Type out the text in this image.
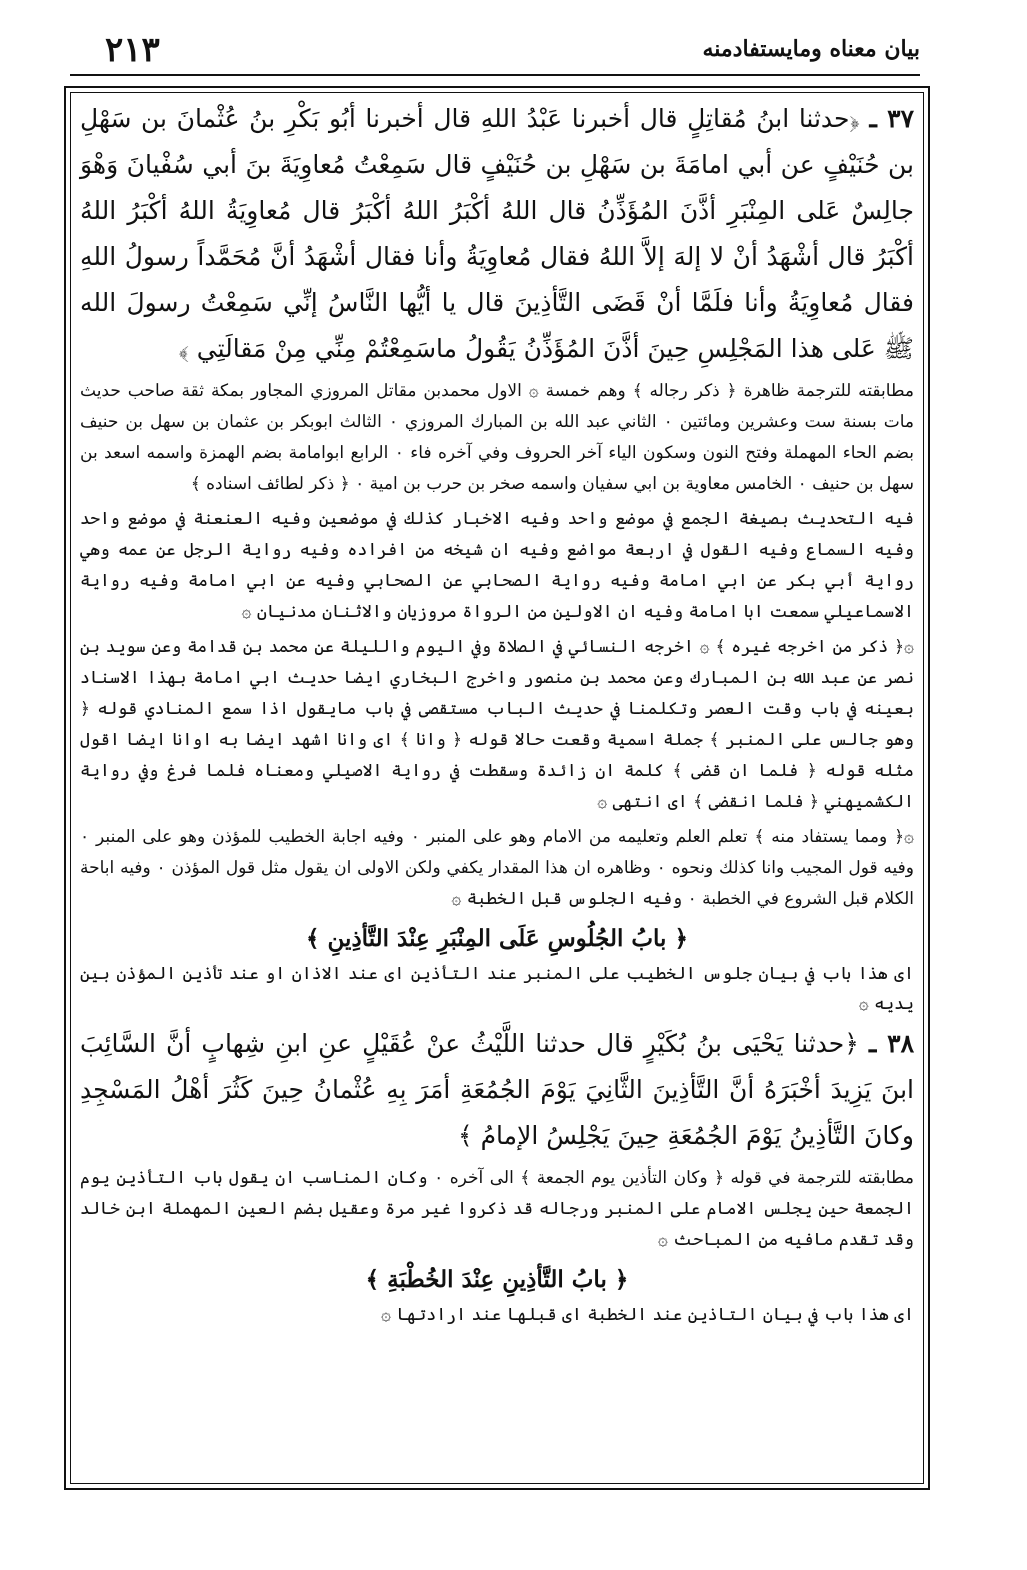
٢١٣	بيان معناه ومايستفادمنه

٣٧ ـ ﴿حدثنا ابنُ مُقاتِلٍ قال أخبرنا عَبْدُ اللهِ قال أخبرنا أبُو بَكْرِ بنُ عُثْمانَ بن سَهْلِ بن حُنَيْفٍ عن أبي امامَةَ بن سَهْلِ بن حُنَيْفٍ قال سَمِعْتُ مُعاوِيَةَ بنَ أبي سُفْيانَ وَهْوَ جالِسٌ عَلى المِنْبَرِ أذَّنَ المُؤَذِّنُ قال اللهُ أكْبَرُ اللهُ أكْبَرُ قال مُعاوِيَةُ اللهُ أكْبَرُ اللهُ أكْبَرُ قال أشْهَدُ أنْ لا إلهَ إلاَّ اللهُ فقال مُعاوِيَةُ وأنا فقال أشْهَدُ أنَّ مُحَمَّداً رسولُ اللهِ فقال مُعاوِيَةُ وأنا فلَمَّا أنْ قَضَى التَّأذِينَ قال يا أيُّها النَّاسُ إنِّي سَمِعْتُ رسولَ الله ﷺ عَلى هذا المَجْلِسِ حِينَ أذَّنَ المُؤَذِّنُ يَقُولُ ماسَمِعْتُمْ مِنِّي مِنْ مَقالَتِي ﴾

مطابقته للترجمة ظاهرة ﴿ ذكر رجاله ﴾ وهم خمسة ۞ الاول محمدبن مقاتل المروزي المجاور بمكة ثقة صاحب حديث مات بسنة ست وعشرين ومائتين ۰ الثاني عبد الله بن المبارك المروزي ۰ الثالث ابوبكر بن عثمان بن سهل بن حنيف بضم الحاء المهملة وفتح النون وسكون الياء آخر الحروف وفي آخره فاء ۰ الرابع ابوامامة بضم الهمزة واسمه اسعد بن سهل بن حنيف ۰ الخامس معاوية بن ابي سفيان واسمه صخر بن حرب بن امية ۰ ﴿ ذكر لطائف اسناده ﴾

فيه التحديث بصيغة الجمع في موضع واحد وفيه الاخبار كذلك في موضعين وفيه العنعنة في موضع واحد وفيه السماع وفيه القول في اربعة مواضع وفيه ان شيخه من افراده وفيه رواية الرجل عن عمه وهي رواية أبي بكر عن ابي امامة وفيه رواية الصحابي عن الصحابي وفيه عن ابي امامة وفيه رواية الاسماعيلي سمعت ابا امامة وفيه ان الاولين من الرواة مروزيان والاثنان مدنيان ۞

۞﴿ ذكر من اخرجه غيره ﴾ ۞ اخرجه النسائي في الصلاة وفي اليوم والليلة عن محمد بن قدامة وعن سويد بن نصر عن عبد الله بن المبارك وعن محمد بن منصور واخرج البخاري ايضا حديث ابي امامة بهذا الاسناد بعينه في باب وقت العصر وتكلمنا في حديث الباب مستقصى في باب مايقول اذا سمع المنادي قوله ﴿ وهو جالس على المنبر ﴾ جملة اسمية وقعت حالا قوله ﴿ وانا ﴾ اى وانا اشهد ايضا به اوانا ايضا اقول مثله قوله ﴿ فلما ان قضى ﴾ كلمة ان زائدة وسقطت في رواية الاصيلي ومعناه فلما فرغ وفي رواية الكشميهني ﴿ فلما انقضى ﴾ اى انتهى ۞

۞﴿ ومما يستفاد منه ﴾ تعلم العلم وتعليمه من الامام وهو على المنبر ۰ وفيه اجابة الخطيب للمؤذن وهو على المنبر ۰ وفيه قول المجيب وانا كذلك ونحوه ۰ وظاهره ان هذا المقدار يكفي ولكن الاولى ان يقول مثل قول المؤذن ۰ وفيه اباحة الكلام قبل الشروع في الخطبة ۰ وفيه الجلوس قبل الخطبة ۞

﴿ بابُ الجُلُوسِ عَلَى المِنْبَرِ عِنْدَ التَّأذِينِ ﴾

اى هذا باب في بيان جلوس الخطيب على المنبر عند التأذين اى عند الاذان او عند تأذين المؤذن بين يديه ۞

٣٨ ـ ﴿حدثنا يَحْيَى بنُ بُكَيْرٍ قال حدثنا اللَّيْثُ عنْ عُقَيْلٍ عنِ ابنِ شِهابٍ أنَّ السَّائِبَ ابنَ يَزِيدَ أخْبَرَهُ أنَّ التَّأذِينَ الثَّانِيَ يَوْمَ الجُمُعَةِ أمَرَ بِهِ عُثْمانُ حِينَ كَثُرَ أهْلُ المَسْجِدِ وكانَ التَّأذِينُ يَوْمَ الجُمُعَةِ حِينَ يَجْلِسُ الإمامُ ﴾

مطابقته للترجمة في قوله ﴿ وكان التأذين يوم الجمعة ﴾ الى آخره ۰ وكان المناسب ان يقول باب التأذين يوم الجمعة حين يجلس الامام على المنبر ورجاله قد ذكروا غير مرة وعقيل بضم العين المهملة ابن خالد وقد تقدم مافيه من المباحث ۞

﴿ بابُ التَّأذِينِ عِنْدَ الخُطْبَةِ ﴾

اى هذا باب في بيان التاذين عند الخطبة اى قبلها عند ارادتها ۞
